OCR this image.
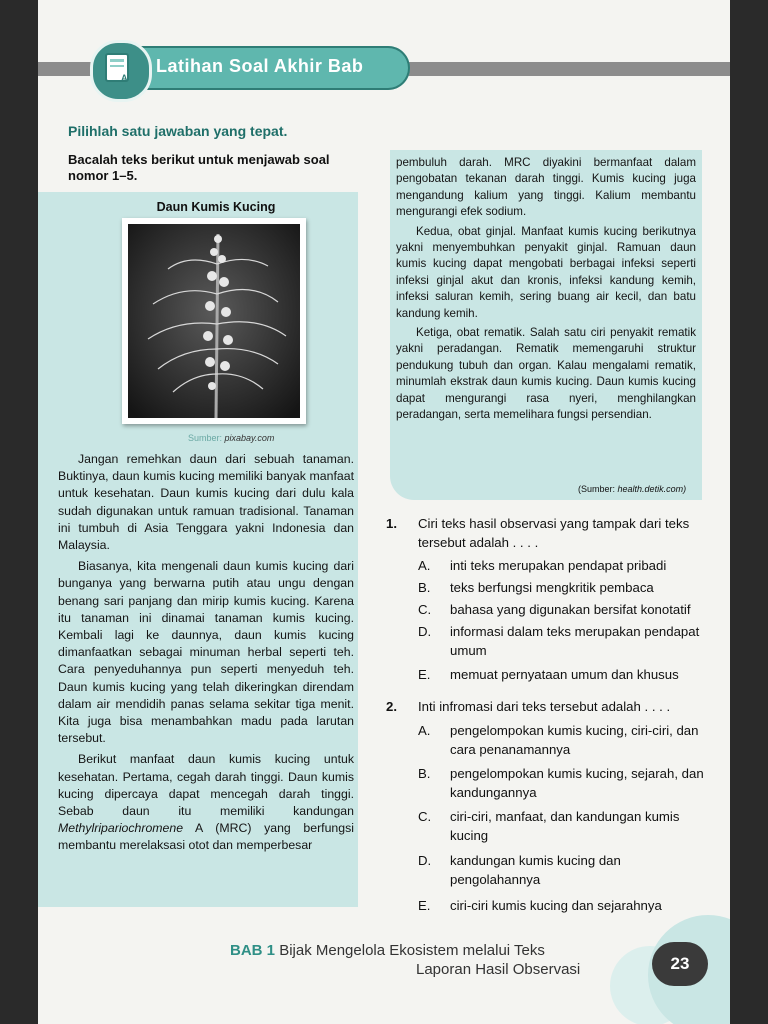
A
Latihan Soal Akhir Bab
Pilihlah satu jawaban yang tepat.
Bacalah teks berikut untuk menjawab soal nomor 1–5.
Daun Kumis Kucing
Sumber: pixabay.com

Jangan remehkan daun dari sebuah tanaman. Buktinya, daun kumis kucing memiliki banyak manfaat untuk kesehatan. Daun kumis kucing dari dulu kala sudah digunakan untuk ramuan tradisional. Tanaman ini tumbuh di Asia Tenggara yakni Indonesia dan Malaysia.

Biasanya, kita mengenali daun kumis kucing dari bunganya yang berwarna putih atau ungu dengan benang sari panjang dan mirip kumis kucing. Karena itu tanaman ini dinamai tanaman kumis kucing. Kembali lagi ke daunnya, daun kumis kucing dimanfaatkan sebagai minuman herbal seperti teh. Cara penyeduhannya pun seperti menyeduh teh. Daun kumis kucing yang telah dikeringkan direndam dalam air mendidih panas selama sekitar tiga menit. Kita juga bisa menambahkan madu pada larutan tersebut.

Berikut manfaat daun kumis kucing untuk kesehatan. Pertama, cegah darah tinggi. Daun kumis kucing dipercaya dapat mencegah darah tinggi. Sebab daun itu memiliki kandungan Methylripariochromene A (MRC) yang berfungsi membantu merelaksasi otot dan memperbesar

pembuluh darah. MRC diyakini bermanfaat dalam pengobatan tekanan darah tinggi. Kumis kucing juga mengandung kalium yang tinggi. Kalium membantu mengurangi efek sodium.

Kedua, obat ginjal. Manfaat kumis kucing berikutnya yakni menyembuhkan penyakit ginjal. Ramuan daun kumis kucing dapat mengobati berbagai infeksi seperti infeksi ginjal akut dan kronis, infeksi kandung kemih, infeksi saluran kemih, sering buang air kecil, dan batu kandung kemih.

Ketiga, obat rematik. Salah satu ciri penyakit rematik yakni peradangan. Rematik memengaruhi struktur pendukung tubuh dan organ. Kalau mengalami rematik, minumlah ekstrak daun kumis kucing. Daun kumis kucing dapat mengurangi rasa nyeri, menghilangkan peradangan, serta memelihara fungsi persendian.

(Sumber: health.detik.com)
1. Ciri teks hasil observasi yang tampak dari teks tersebut adalah . . . .
A. inti teks merupakan pendapat pribadi
B. teks berfungsi mengkritik pembaca
C. bahasa yang digunakan bersifat konotatif
D. informasi dalam teks merupakan pendapat umum
E. memuat pernyataan umum dan khusus
2. Inti infromasi dari teks tersebut adalah . . . .
A. pengelompokan kumis kucing, ciri-ciri, dan cara penanamannya
B. pengelompokan kumis kucing, sejarah, dan kandungannya
C. ciri-ciri, manfaat, dan kandungan kumis kucing
D. kandungan kumis kucing dan pengolahannya
E. ciri-ciri kumis kucing dan sejarahnya
BAB 1 Bijak Mengelola Ekosistem melalui Teks
Laporan Hasil Observasi	23
